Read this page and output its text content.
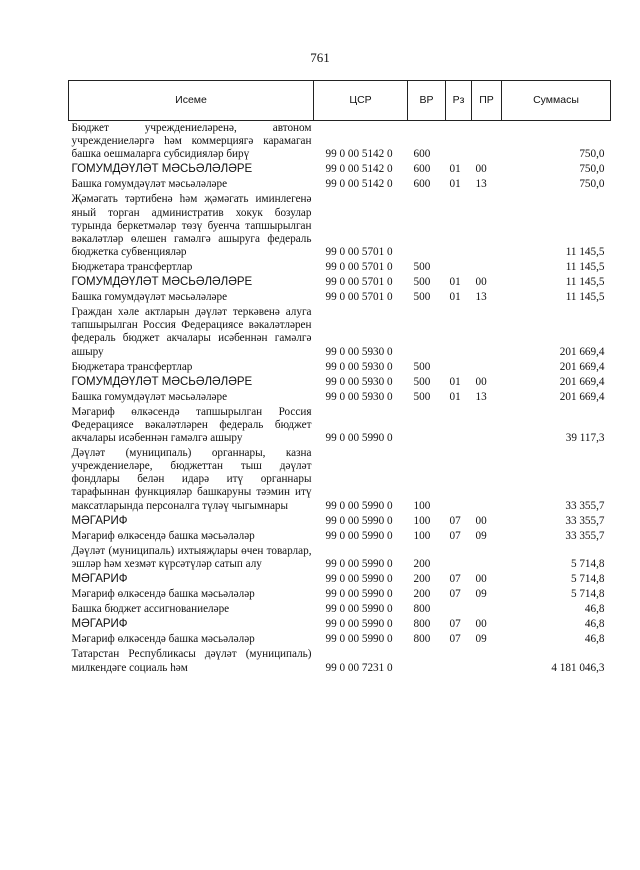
761
Исеме	ЦСР	ВР	Рз	ПР	Суммасы
Бюджет учреждениеләренә, автоном учреждениеләргә һәм коммерциягә карамаган башка оешмаларга субсидияләр бирү	99 0 00 5142 0	600			750,0
ГОМУМДӘҮЛӘТ МӘСЬӘЛӘЛӘРЕ	99 0 00 5142 0	600	01	00	750,0
Башка гомумдәүләт мәсьәләләре	99 0 00 5142 0	600	01	13	750,0
Җәмәгать тәртибенә һәм җәмәгать иминлегенә яный торган административ хокук бозулар турында беркетмәләр төзү буенча тапшырылган вәкаләтләр өлешен гамәлгә ашыруга федераль бюджетка субвенцияләр	99 0 00 5701 0				11 145,5
Бюджетара трансфертлар	99 0 00 5701 0	500			11 145,5
ГОМУМДӘҮЛӘТ МӘСЬӘЛӘЛӘРЕ	99 0 00 5701 0	500	01	00	11 145,5
Башка гомумдәүләт мәсьәләләре	99 0 00 5701 0	500	01	13	11 145,5
Граждан хәле актларын дәүләт теркәвенә алуга тапшырылган Россия Федерациясе вәкаләтләрен федераль бюджет акчалары исәбеннән гамәлгә ашыру	99 0 00 5930 0				201 669,4
Бюджетара трансфертлар	99 0 00 5930 0	500			201 669,4
ГОМУМДӘҮЛӘТ МӘСЬӘЛӘЛӘРЕ	99 0 00 5930 0	500	01	00	201 669,4
Башка гомумдәүләт мәсьәләләре	99 0 00 5930 0	500	01	13	201 669,4
Мәгариф өлкәсендә тапшырылган Россия Федерациясе вәкаләтләрен федераль бюджет акчалары исәбеннән гамәлгә ашыру	99 0 00 5990 0				39 117,3
Дәүләт (муниципаль) органнары, казна учреждениеләре, бюджеттан тыш дәүләт фондлары белән идарә итү органнары тарафыннан функцияләр башкаруны тәэмин итү максатларында персоналга түләү чыгымнары	99 0 00 5990 0	100			33 355,7
МӘГАРИФ	99 0 00 5990 0	100	07	00	33 355,7
Мәгариф өлкәсендә башка мәсьәләләр	99 0 00 5990 0	100	07	09	33 355,7
Дәүләт (муниципаль) ихтыяҗлары өчен товарлар, эшләр һәм хезмәт күрсәтүләр сатып алу	99 0 00 5990 0	200			5 714,8
МӘГАРИФ	99 0 00 5990 0	200	07	00	5 714,8
Мәгариф өлкәсендә башка мәсьәләләр	99 0 00 5990 0	200	07	09	5 714,8
Башка бюджет ассигнованиеләре	99 0 00 5990 0	800			46,8
МӘГАРИФ	99 0 00 5990 0	800	07	00	46,8
Мәгариф өлкәсендә башка мәсьәләләр	99 0 00 5990 0	800	07	09	46,8
Татарстан Республикасы дәүләт (муниципаль) милкендәге социаль һәм	99 0 00 7231 0				4 181 046,3
